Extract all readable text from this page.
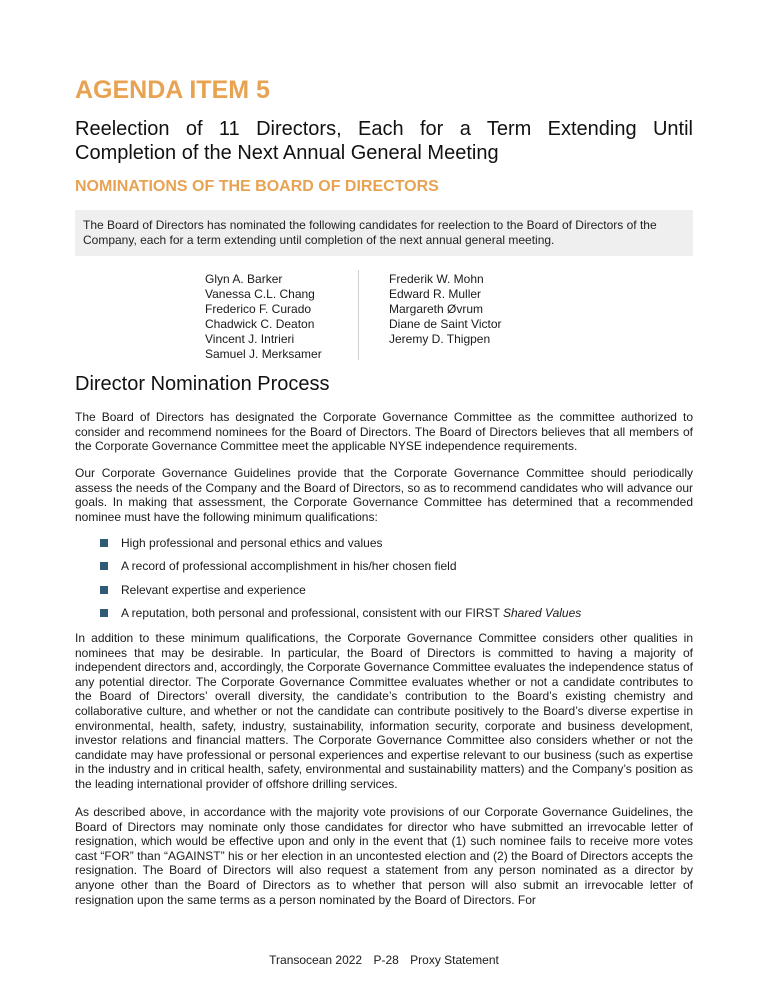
AGENDA ITEM 5
Reelection of 11 Directors, Each for a Term Extending Until Completion of the Next Annual General Meeting
NOMINATIONS OF THE BOARD OF DIRECTORS
The Board of Directors has nominated the following candidates for reelection to the Board of Directors of the Company, each for a term extending until completion of the next annual general meeting.
Glyn A. Barker
Vanessa C.L. Chang
Frederico F. Curado
Chadwick C. Deaton
Vincent J. Intrieri
Samuel J. Merksamer
Frederik W. Mohn
Edward R. Muller
Margareth Øvrum
Diane de Saint Victor
Jeremy D. Thigpen
Director Nomination Process

The Board of Directors has designated the Corporate Governance Committee as the committee authorized to consider and recommend nominees for the Board of Directors. The Board of Directors believes that all members of the Corporate Governance Committee meet the applicable NYSE independence requirements.

Our Corporate Governance Guidelines provide that the Corporate Governance Committee should periodically assess the needs of the Company and the Board of Directors, so as to recommend candidates who will advance our goals. In making that assessment, the Corporate Governance Committee has determined that a recommended nominee must have the following minimum qualifications:

High professional and personal ethics and values
A record of professional accomplishment in his/her chosen field
Relevant expertise and experience
A reputation, both personal and professional, consistent with our FIRST Shared Values

In addition to these minimum qualifications, the Corporate Governance Committee considers other qualities in nominees that may be desirable. In particular, the Board of Directors is committed to having a majority of independent directors and, accordingly, the Corporate Governance Committee evaluates the independence status of any potential director. The Corporate Governance Committee evaluates whether or not a candidate contributes to the Board of Directors’ overall diversity, the candidate’s contribution to the Board’s existing chemistry and collaborative culture, and whether or not the candidate can contribute positively to the Board’s diverse expertise in environmental, health, safety, industry, sustainability, information security, corporate and business development, investor relations and financial matters. The Corporate Governance Committee also considers whether or not the candidate may have professional or personal experiences and expertise relevant to our business (such as expertise in the industry and in critical health, safety, environmental and sustainability matters) and the Company’s position as the leading international provider of offshore drilling services.

As described above, in accordance with the majority vote provisions of our Corporate Governance Guidelines, the Board of Directors may nominate only those candidates for director who have submitted an irrevocable letter of resignation, which would be effective upon and only in the event that (1) such nominee fails to receive more votes cast “FOR” than “AGAINST” his or her election in an uncontested election and (2) the Board of Directors accepts the resignation. The Board of Directors will also request a statement from any person nominated as a director by anyone other than the Board of Directors as to whether that person will also submit an irrevocable letter of resignation upon the same terms as a person nominated by the Board of Directors. For

Transocean 2022 P-28 Proxy Statement
